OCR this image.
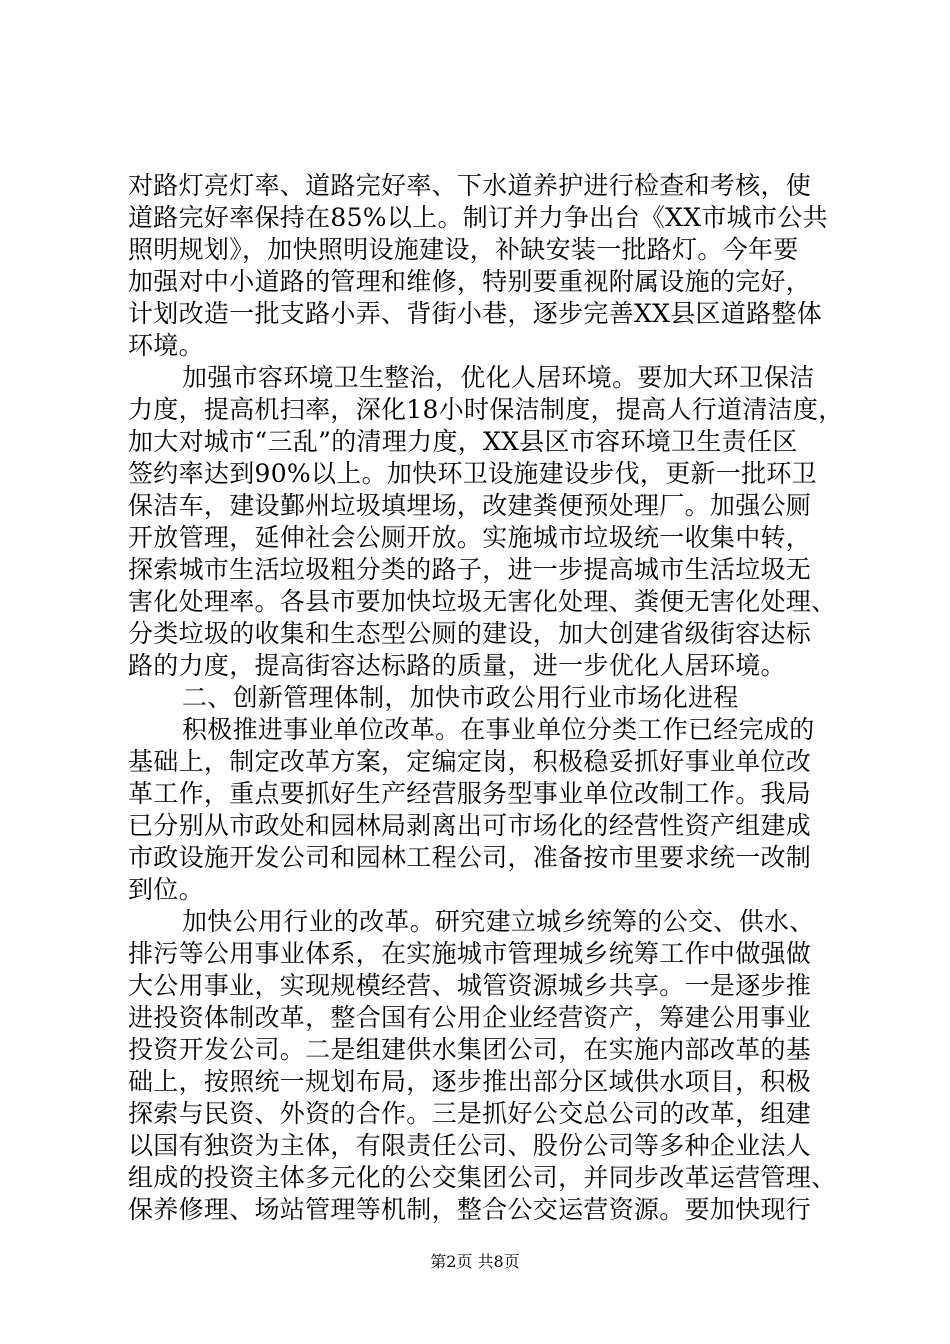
对路灯亮灯率、道路完好率、下水道养护进行检查和考核，使
道路完好率保持在85%以上。制订并力争出台《XX市城市公共
照明规划》，加快照明设施建设，补缺安装一批路灯。今年要
加强对中小道路的管理和维修，特别要重视附属设施的完好，
计划改造一批支路小弄、背街小巷，逐步完善XX县区道路整体
环境。
加强市容环境卫生整治，优化人居环境。要加大环卫保洁
力度，提高机扫率，深化18小时保洁制度，提高人行道清洁度，
加大对城市“三乱”的清理力度，XX县区市容环境卫生责任区
签约率达到90%以上。加快环卫设施建设步伐，更新一批环卫
保洁车，建设鄞州垃圾填埋场，改建粪便预处理厂。加强公厕
开放管理，延伸社会公厕开放。实施城市垃圾统一收集中转，
探索城市生活垃圾粗分类的路子，进一步提高城市生活垃圾无
害化处理率。各县市要加快垃圾无害化处理、粪便无害化处理、
分类垃圾的收集和生态型公厕的建设，加大创建省级街容达标
路的力度，提高街容达标路的质量，进一步优化人居环境。
二、创新管理体制，加快市政公用行业市场化进程
积极推进事业单位改革。在事业单位分类工作已经完成的
基础上，制定改革方案，定编定岗，积极稳妥抓好事业单位改
革工作，重点要抓好生产经营服务型事业单位改制工作。我局
已分别从市政处和园林局剥离出可市场化的经营性资产组建成
市政设施开发公司和园林工程公司，准备按市里要求统一改制
到位。
加快公用行业的改革。研究建立城乡统筹的公交、供水、
排污等公用事业体系，在实施城市管理城乡统筹工作中做强做
大公用事业，实现规模经营、城管资源城乡共享。一是逐步推
进投资体制改革，整合国有公用企业经营资产，筹建公用事业
投资开发公司。二是组建供水集团公司，在实施内部改革的基
础上，按照统一规划布局，逐步推出部分区域供水项目，积极
探索与民资、外资的合作。三是抓好公交总公司的改革，组建
以国有独资为主体，有限责任公司、股份公司等多种企业法人
组成的投资主体多元化的公交集团公司，并同步改革运营管理、
保养修理、场站管理等机制，整合公交运营资源。要加快现行
第2页 共8页
